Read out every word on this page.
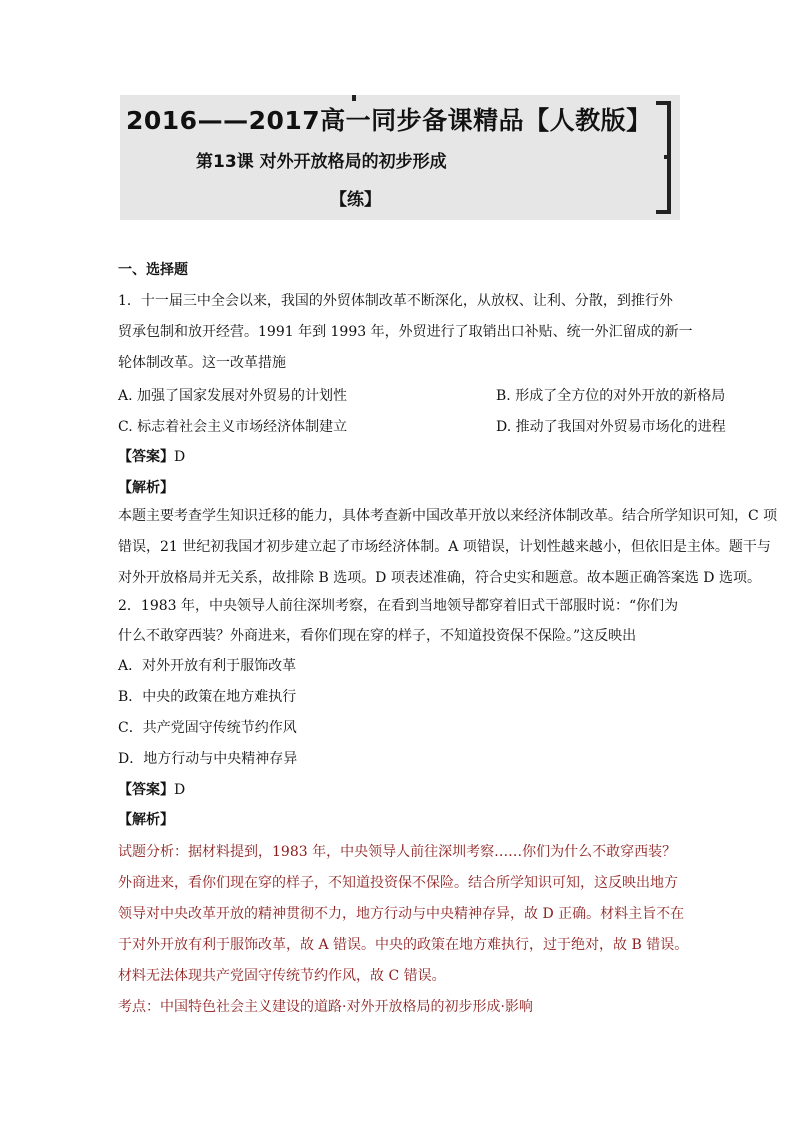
2016——2017高一同步备课精品【人教版】
第13课 对外开放格局的初步形成
【练】
一、选择题
1．十一届三中全会以来，我国的外贸体制改革不断深化，从放权、让利、分散，到推行外
贸承包制和放开经营。1991 年到 1993 年，外贸进行了取销出口补贴、统一外汇留成的新一
轮体制改革。这一改革措施
A. 加强了国家发展对外贸易的计划性	B. 形成了全方位的对外开放的新格局
C. 标志着社会主义市场经济体制建立	D. 推动了我国对外贸易市场化的进程
【答案】D
【解析】
本题主要考查学生知识迁移的能力，具体考查新中国改革开放以来经济体制改革。结合所学知识可知，C 项
错误，21 世纪初我国才初步建立起了市场经济体制。A 项错误，计划性越来越小，但依旧是主体。题干与
对外开放格局并无关系，故排除 B 选项。D 项表述准确，符合史实和题意。故本题正确答案选 D 选项。
2．1983 年，中央领导人前往深圳考察，在看到当地领导都穿着旧式干部服时说：“你们为
什么不敢穿西装？外商进来，看你们现在穿的样子，不知道投资保不保险。”这反映出
A．对外开放有利于服饰改革
B．中央的政策在地方难执行
C．共产党固守传统节约作风
D．地方行动与中央精神存异
【答案】D
【解析】
试题分析：据材料提到，1983 年，中央领导人前往深圳考察……你们为什么不敢穿西装？
外商进来，看你们现在穿的样子，不知道投资保不保险。结合所学知识可知，这反映出地方
领导对中央改革开放的精神贯彻不力，地方行动与中央精神存异，故 D 正确。材料主旨不在
于对外开放有利于服饰改革，故 A 错误。中央的政策在地方难执行，过于绝对，故 B 错误。
材料无法体现共产党固守传统节约作风，故 C 错误。
考点：中国特色社会主义建设的道路·对外开放格局的初步形成·影响
